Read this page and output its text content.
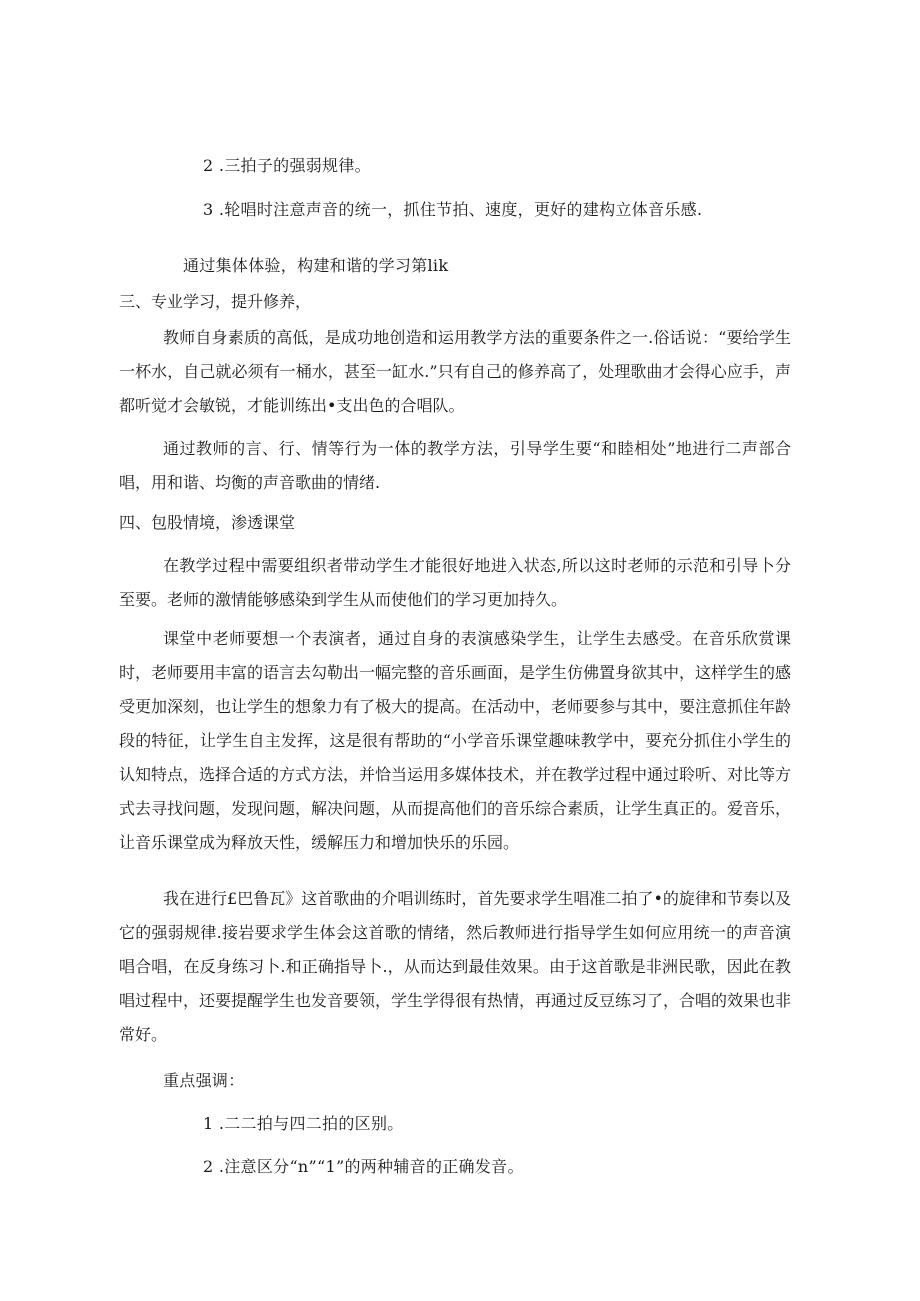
2 .三拍子的强弱规律。
3 .轮唱时注意声音的统一，抓住节拍、速度，更好的建构立体音乐感.
通过集体体验，构建和谐的学习第lik
三、专业学习，提升修养，
教师自身素质的高低，是成功地创造和运用教学方法的重要条件之一.俗话说：“要给学生一杯水，自己就必须有一桶水，甚至一缸水.”只有自己的修养高了，处理歌曲才会得心应手，声都听觉才会敏锐，才能训练出•支出色的合唱队。
通过教师的言、行、情等行为一体的教学方法，引导学生要“和睦相处”地进行二声部合唱，用和谐、均衡的声音歌曲的情绪.
四、包股情境，渗透课堂
在教学过程中需要组织者带动学生才能很好地进入状态,所以这时老师的示范和引导卜分至要。老师的激情能够感染到学生从而使他们的学习更加持久。
课堂中老师要想一个表演者，通过自身的表演感染学生，让学生去感受。在音乐欣赏课时，老师要用丰富的语言去勾勒出一幅完整的音乐画面，是学生仿佛置身欲其中，这样学生的感受更加深刻，也让学生的想象力有了极大的提高。在活动中，老师要参与其中，要注意抓住年龄段的特征，让学生自主发挥，这是很有帮助的“小学音乐课堂趣味教学中，要充分抓住小学生的认知特点，选择合适的方式方法，并恰当运用多媒体技术，并在教学过程中通过聆听、对比等方式去寻找问题，发现问题，解决问题，从而提高他们的音乐综合素质，让学生真正的。爱音乐，让音乐课堂成为释放天性，缓解压力和增加快乐的乐园。
我在进行£巴鲁瓦》这首歌曲的介唱训练时，首先要求学生唱准二拍了•的旋律和节奏以及它的强弱规律.接岩要求学生体会这首歌的情绪，然后教师进行指导学生如何应用统一的声音演唱合唱，在反身练习卜.和正确指导卜.，从而达到最佳效果。由于这首歌是非洲民歌，因此在教唱过程中，还要提醒学生也发音要领，学生学得很有热情，再通过反豆练习了，合唱的效果也非常好。
重点强调：
1 .二二拍与四二拍的区别。
2 .注意区分“n”“1”的两种辅音的正确发音。
